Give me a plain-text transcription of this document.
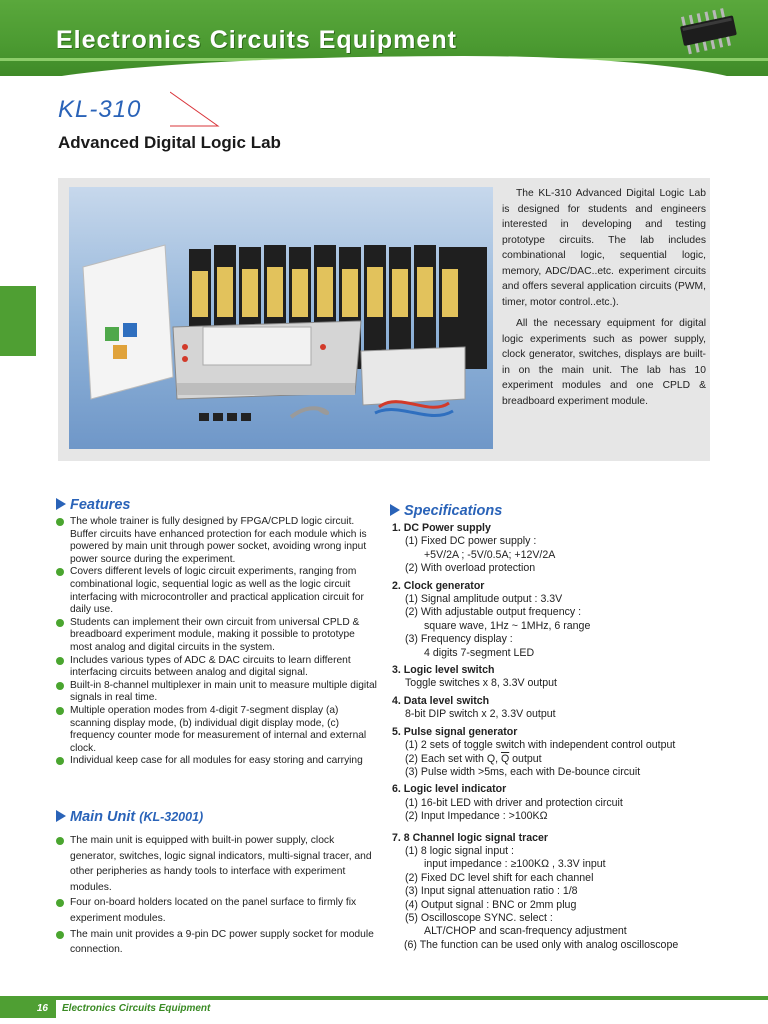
Electronics Circuits Equipment
KL-310
Advanced Digital Logic Lab

The KL-310 Advanced Digital Logic Lab is designed for students and engineers interested in developing and testing prototype circuits. The lab includes combinational logic, sequential logic, memory, ADC/DAC..etc. experiment circuits and offers several application circuits (PWM, timer, motor control..etc.).

All the necessary equipment for digital logic experiments such as power supply, clock generator, switches, displays are built-in on the main unit. The lab has 10 experiment modules and one CPLD & breadboard experiment module.

Features
The whole trainer is fully designed by FPGA/CPLD logic circuit. Buffer circuits have enhanced protection for each module which is powered by main unit through power socket, avoiding wrong input power source during the experiment.
Covers different levels of logic circuit experiments, ranging from combinational logic, sequential logic as well as the logic circuit interfacing with microcontroller and practical application circuit for daily use.
Students can implement their own circuit from universal CPLD & breadboard experiment module, making it possible to prototype most analog and digital circuits in the system.
Includes various types of ADC & DAC circuits to learn different interfacing circuits between analog and digital signal.
Built-in 8-channel multiplexer in main unit to measure multiple digital signals in real time.
Multiple operation modes from 4-digit 7-segment display (a) scanning display mode, (b) individual digit display mode, (c) frequency counter mode for measurement of internal and external clock.
Individual keep case for all modules for easy storing and carrying
Main Unit (KL-32001)
The main unit is equipped with built-in power supply, clock generator, switches, logic signal indicators, multi-signal tracer, and other peripheries as handy tools to interface with experiment modules.
Four on-board holders located on the panel surface to firmly fix experiment modules.
The main unit provides a 9-pin DC power supply socket for module connection.
Specifications
1. DC Power supply
(1) Fixed DC power supply :
+5V/2A ; -5V/0.5A; +12V/2A
(2) With overload protection
2. Clock generator
(1) Signal amplitude output : 3.3V
(2) With adjustable output frequency :
square wave, 1Hz ~ 1MHz, 6 range
(3) Frequency display :
4 digits 7-segment LED
3. Logic level switch
Toggle switches x 8, 3.3V output
4. Data level switch
8-bit DIP switch x 2, 3.3V output
5. Pulse signal generator
(1) 2 sets of toggle switch with independent control output
(2) Each set with Q, $\overline{Q}$ output
(3) Pulse width >5ms, each with De-bounce circuit
6. Logic level indicator
(1) 16-bit LED with driver and protection circuit
(2) Input Impedance : >100KΩ
7. 8 Channel logic signal tracer
(1) 8 logic signal input :
input impedance : ≥100KΩ , 3.3V input
(2) Fixed DC level shift for each channel
(3) Input signal attenuation ratio : 1/8
(4) Output signal : BNC or 2mm plug
(5) Oscilloscope SYNC. select :
ALT/CHOP and scan-frequency adjustment
(6) The function can be used only with analog oscilloscope
16	Electronics Circuits Equipment
